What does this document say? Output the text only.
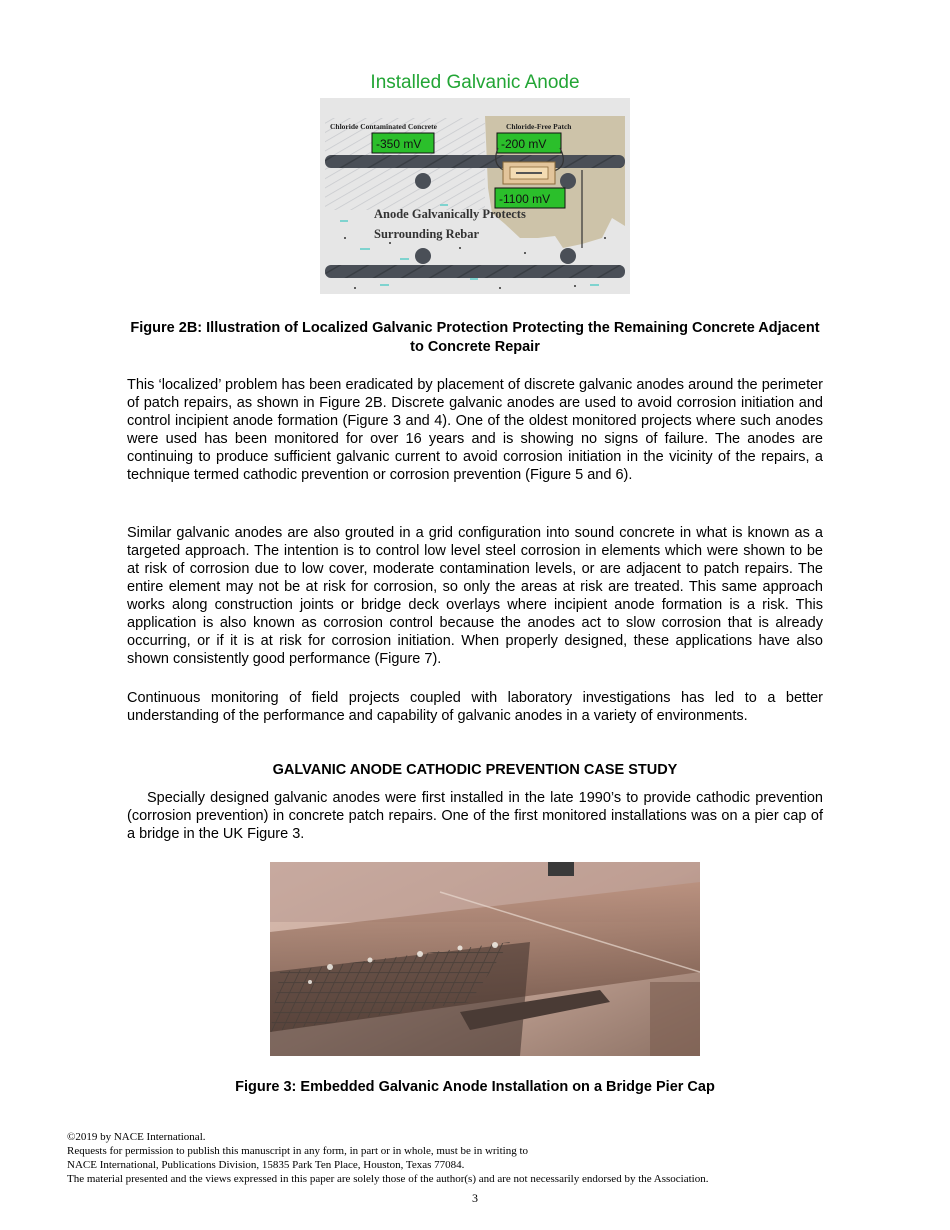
Installed Galvanic Anode
Chloride Contaminated Concrete	Chloride-Free Patch
-350 mV	-200 mV
-1100 mV
Anode Galvanically Protects
Surrounding Rebar
Figure 2B: Illustration of Localized Galvanic Protection Protecting the Remaining Concrete Adjacent to Concrete Repair
This ‘localized’ problem has been eradicated by placement of discrete galvanic anodes around the perimeter of patch repairs, as shown in Figure 2B. Discrete galvanic anodes are used to avoid corrosion initiation and control incipient anode formation (Figure 3 and 4). One of the oldest monitored projects where such anodes were used has been monitored for over 16 years and is showing no signs of failure. The anodes are continuing to produce sufficient galvanic current to avoid corrosion initiation in the vicinity of the repairs, a technique termed cathodic prevention or corrosion prevention (Figure 5 and 6).
Similar galvanic anodes are also grouted in a grid configuration into sound concrete in what is known as a targeted approach. The intention is to control low level steel corrosion in elements which were shown to be at risk of corrosion due to low cover, moderate contamination levels, or are adjacent to patch repairs. The entire element may not be at risk for corrosion, so only the areas at risk are treated. This same approach works along construction joints or bridge deck overlays where incipient anode formation is a risk. This application is also known as corrosion control because the anodes act to slow corrosion that is already occurring, or if it is at risk for corrosion initiation. When properly designed, these applications have also shown consistently good performance (Figure 7).
Continuous monitoring of field projects coupled with laboratory investigations has led to a better understanding of the performance and capability of galvanic anodes in a variety of environments.
GALVANIC ANODE CATHODIC PREVENTION CASE STUDY
Specially designed galvanic anodes were first installed in the late 1990’s to provide cathodic prevention (corrosion prevention) in concrete patch repairs. One of the first monitored installations was on a pier cap of a bridge in the UK Figure 3.
Figure 3: Embedded Galvanic Anode Installation on a Bridge Pier Cap
©2019 by NACE International.
Requests for permission to publish this manuscript in any form, in part or in whole, must be in writing to
NACE International, Publications Division, 15835 Park Ten Place, Houston, Texas 77084.
The material presented and the views expressed in this paper are solely those of the author(s) and are not necessarily endorsed by the Association.
3
